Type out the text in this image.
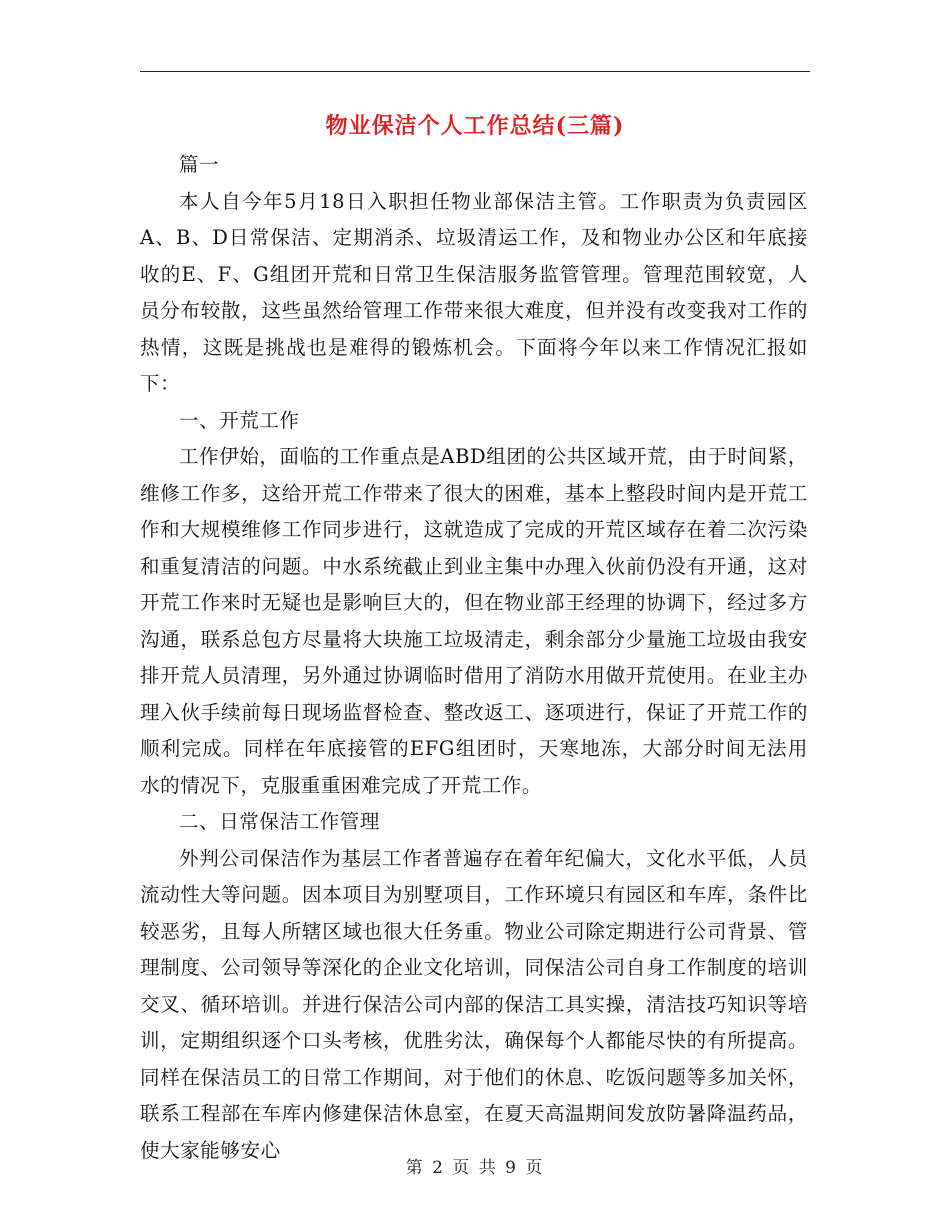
物业保洁个人工作总结(三篇)

篇一

本人自今年5月18日入职担任物业部保洁主管。工作职责为负责园区A、B、D日常保洁、定期消杀、垃圾清运工作，及和物业办公区和年底接收的E、F、G组团开荒和日常卫生保洁服务监管管理。管理范围较宽，人员分布较散，这些虽然给管理工作带来很大难度，但并没有改变我对工作的热情，这既是挑战也是难得的锻炼机会。下面将今年以来工作情况汇报如下：

一、开荒工作

工作伊始，面临的工作重点是ABD组团的公共区域开荒，由于时间紧，维修工作多，这给开荒工作带来了很大的困难，基本上整段时间内是开荒工作和大规模维修工作同步进行，这就造成了完成的开荒区域存在着二次污染和重复清洁的问题。中水系统截止到业主集中办理入伙前仍没有开通，这对开荒工作来时无疑也是影响巨大的，但在物业部王经理的协调下，经过多方沟通，联系总包方尽量将大块施工垃圾清走，剩余部分少量施工垃圾由我安排开荒人员清理，另外通过协调临时借用了消防水用做开荒使用。在业主办理入伙手续前每日现场监督检查、整改返工、逐项进行，保证了开荒工作的顺利完成。同样在年底接管的EFG组团时，天寒地冻，大部分时间无法用水的情况下，克服重重困难完成了开荒工作。

二、日常保洁工作管理

外判公司保洁作为基层工作者普遍存在着年纪偏大，文化水平低，人员流动性大等问题。因本项目为别墅项目，工作环境只有园区和车库，条件比较恶劣，且每人所辖区域也很大任务重。物业公司除定期进行公司背景、管理制度、公司领导等深化的企业文化培训，同保洁公司自身工作制度的培训交叉、循环培训。并进行保洁公司内部的保洁工具实操，清洁技巧知识等培训，定期组织逐个口头考核，优胜劣汰，确保每个人都能尽快的有所提高。同样在保洁员工的日常工作期间，对于他们的休息、吃饭问题等多加关怀，联系工程部在车库内修建保洁休息室，在夏天高温期间发放防暑降温药品，使大家能够安心

第 2 页 共 9 页
